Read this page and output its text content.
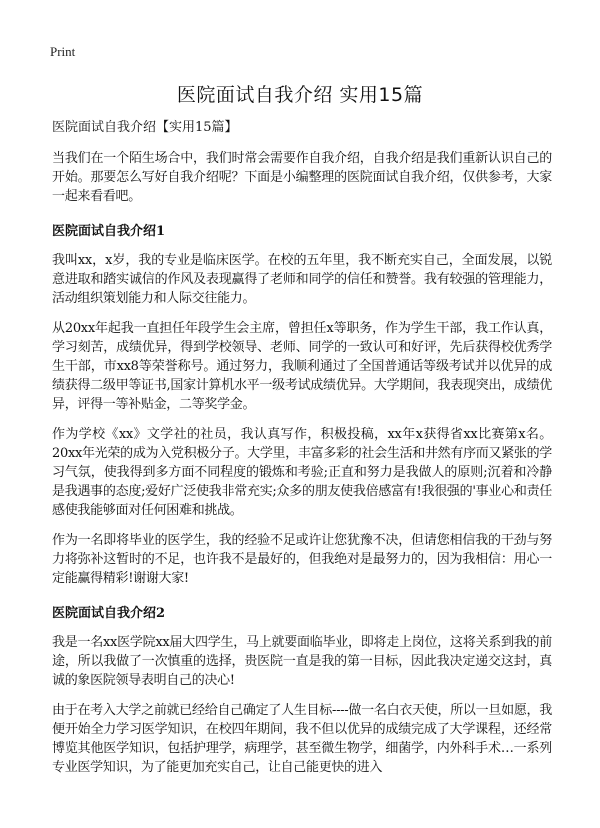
Print
医院面试自我介绍 实用15篇
医院面试自我介绍【实用15篇】

当我们在一个陌生场合中，我们时常会需要作自我介绍，自我介绍是我们重新认识自己的开始。那要怎么写好自我介绍呢？下面是小编整理的医院面试自我介绍，仅供参考，大家一起来看看吧。

医院面试自我介绍1

我叫xx，x岁，我的专业是临床医学。在校的五年里，我不断充实自己，全面发展，以锐意进取和踏实诚信的作风及表现赢得了老师和同学的信任和赞誉。我有较强的管理能力，活动组织策划能力和人际交往能力。

从20xx年起我一直担任年段学生会主席，曾担任x等职务，作为学生干部，我工作认真，学习刻苦，成绩优异，得到学校领导、老师、同学的一致认可和好评，先后获得校优秀学生干部，市xx8等荣誉称号。通过努力，我顺利通过了全国普通话等级考试并以优异的成绩获得二级甲等证书,国家计算机水平一级考试成绩优异。大学期间，我表现突出，成绩优异，评得一等补贴金，二等奖学金。

作为学校《xx》文学社的社员，我认真写作，积极投稿，xx年x获得省xx比赛第x名。20xx年光荣的成为入党积极分子。大学里，丰富多彩的社会生活和井然有序而又紧张的学习气氛，使我得到多方面不同程度的锻炼和考验;正直和努力是我做人的原则;沉着和冷静是我遇事的态度;爱好广泛使我非常充实;众多的朋友使我倍感富有!我很强的'事业心和责任感使我能够面对任何困难和挑战。

作为一名即将毕业的医学生，我的经验不足或许让您犹豫不决，但请您相信我的干劲与努力将弥补这暂时的不足，也许我不是最好的，但我绝对是最努力的，因为我相信：用心一定能赢得精彩!谢谢大家!

医院面试自我介绍2

我是一名xx医学院xx届大四学生，马上就要面临毕业，即将走上岗位，这将关系到我的前途，所以我做了一次慎重的选择，贵医院一直是我的第一目标，因此我决定递交这封，真诚的象医院领导表明自己的决心!

由于在考入大学之前就已经给自己确定了人生目标----做一名白衣天使，所以一旦如愿，我便开始全力学习医学知识，在校四年期间，我不但以优异的成绩完成了大学课程，还经常博览其他医学知识，包括护理学，病理学，甚至微生物学，细菌学，内外科手术…一系列专业医学知识，为了能更加充实自己，让自己能更快的进入
